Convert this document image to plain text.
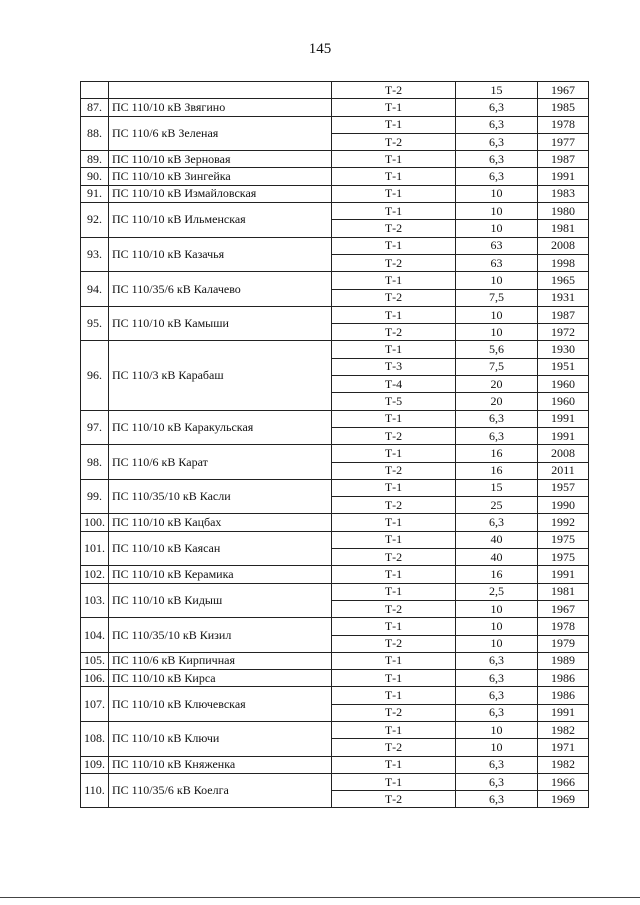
145
		Т-2	15	1967
87.	ПС 110/10 кВ Звягино	Т-1	6,3	1985
88.	ПС 110/6 кВ Зеленая	Т-1	6,3	1978
		Т-2	6,3	1977
89.	ПС 110/10 кВ Зерновая	Т-1	6,3	1987
90.	ПС 110/10 кВ Зингейка	Т-1	6,3	1991
91.	ПС 110/10 кВ Измайловская	Т-1	10	1983
92.	ПС 110/10 кВ Ильменская	Т-1	10	1980
		Т-2	10	1981
93.	ПС 110/10 кВ Казачья	Т-1	63	2008
		Т-2	63	1998
94.	ПС 110/35/6 кВ Калачево	Т-1	10	1965
		Т-2	7,5	1931
95.	ПС 110/10 кВ Камыши	Т-1	10	1987
		Т-2	10	1972
96.	ПС 110/3 кВ Карабаш	Т-1	5,6	1930
		Т-3	7,5	1951
		Т-4	20	1960
		Т-5	20	1960
97.	ПС 110/10 кВ Каракульская	Т-1	6,3	1991
		Т-2	6,3	1991
98.	ПС 110/6 кВ Карат	Т-1	16	2008
		Т-2	16	2011
99.	ПС 110/35/10 кВ Касли	Т-1	15	1957
		Т-2	25	1990
100.	ПС 110/10 кВ Кацбах	Т-1	6,3	1992
101.	ПС 110/10 кВ Каясан	Т-1	40	1975
		Т-2	40	1975
102.	ПС 110/10 кВ Керамика	Т-1	16	1991
103.	ПС 110/10 кВ Кидыш	Т-1	2,5	1981
		Т-2	10	1967
104.	ПС 110/35/10 кВ Кизил	Т-1	10	1978
		Т-2	10	1979
105.	ПС 110/6 кВ Кирпичная	Т-1	6,3	1989
106.	ПС 110/10 кВ Кирса	Т-1	6,3	1986
107.	ПС 110/10 кВ Ключевская	Т-1	6,3	1986
		Т-2	6,3	1991
108.	ПС 110/10 кВ Ключи	Т-1	10	1982
		Т-2	10	1971
109.	ПС 110/10 кВ Княженка	Т-1	6,3	1982
110.	ПС 110/35/6 кВ Коелга	Т-1	6,3	1966
		Т-2	6,3	1969
